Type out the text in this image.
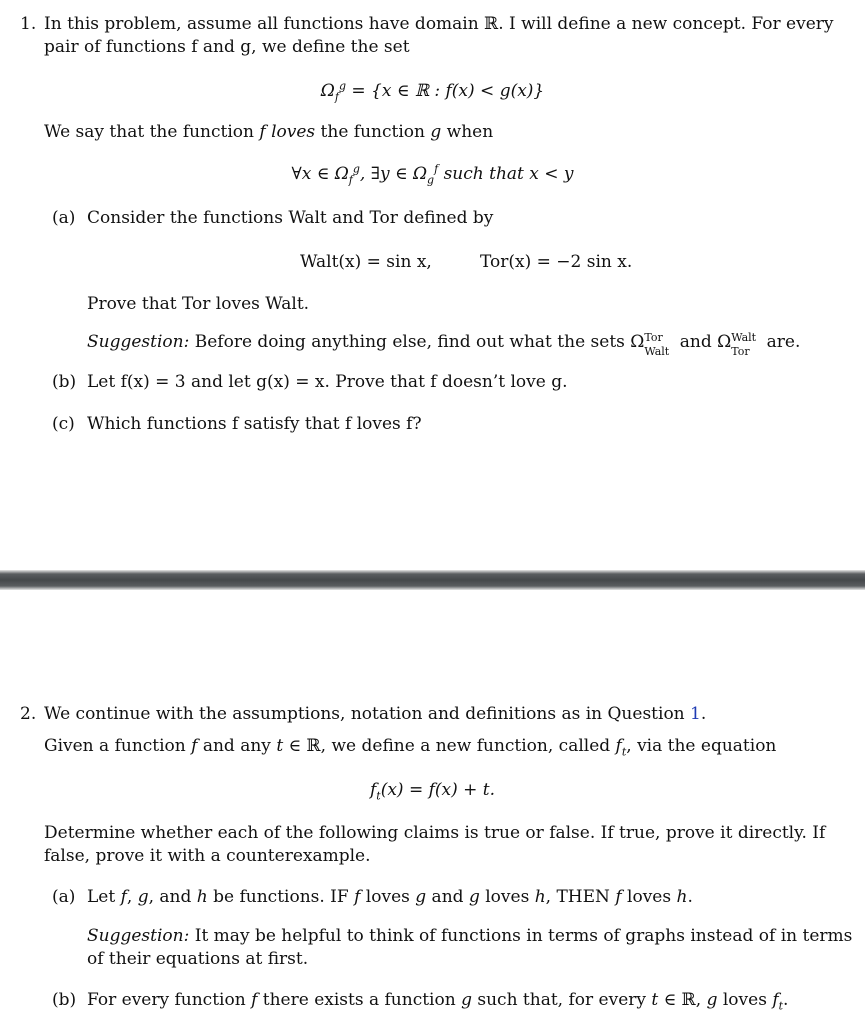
1. In this problem, assume all functions have domain ℝ. I will define a new concept. For every
pair of functions f and g, we define the set
$\Omega_f^g = \{x$ ∈ ℝ : f(x) < g(x)}
We say that the function f loves the function g when
∀x ∈ $\Omega_f^g$, ∃y ∈ $\Omega_g^f$ such that x < y
(a) Consider the functions Walt and Tor defined by
Walt(x) = sin x,	Tor(x) = −2 sin x.
Prove that Tor loves Walt.
Suggestion: Before doing anything else, find out what the sets Ω Tor
Walt and Ω Walt
Tor are.
(b) Let f(x) = 3 and let g(x) = x. Prove that f doesn’t love g.
(c) Which functions f satisfy that f loves f?
2. We continue with the assumptions, notation and definitions as in Question 1.
Given a function f and any t ∈ ℝ, we define a new function, called $f_t$, via the equation
$f_t(x) = f(x) + t$.
Determine whether each of the following claims is true or false. If true, prove it directly. If
false, prove it with a counterexample.
(a) Let f, g, and h be functions. IF f loves g and g loves h, THEN f loves h.
Suggestion: It may be helpful to think of functions in terms of graphs instead of in terms
of their equations at first.
(b) For every function f there exists a function g such that, for every t ∈ ℝ, g loves $f_t$.
